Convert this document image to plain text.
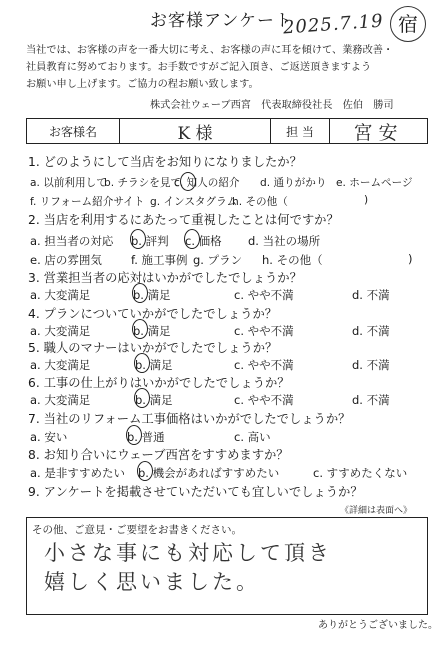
お客様アンケート
2025.7.19 宿
当社では、お客様の声を一番大切に考え、お客様の声に耳を傾けて、業務改善・
社員教育に努めております。お手数ですがご記入頂き、ご返送頂きますよう
お願い申し上げます。ご協力の程お願い致します。
株式会社ウェーブ西宮　代表取締役社長　佐伯　勝司
お客様名	K 様	担 当 宮安
1. どのようにして当店をお知りになりましたか？
a. 以前利用して
b. チラシを見て
c. 知人の紹介 d. 通りがかり e. ホームページ
f. リフォーム紹介サイト g. インスタグラム
h. その他（	)
2. 当店を利用するにあたって重視したことは何ですか？
a. 担当者の対応 b. 評判 c. 価格 d. 当社の場所
e. 店の雰囲気	f. 施工事例 g. プラン h. その他（	)
3. 営業担当者の応対はいかがでしたでしょうか？
a. 大変満足	b. 満足	c. やや不満	d. 不満
4. プランについていかがでしたでしょうか？
a. 大変満足	b. 満足	c. やや不満	d. 不満
5. 職人のマナーはいかがでしたでしょうか？
a. 大変満足	b. 満足	c. やや不満	d. 不満
6. 工事の仕上がりはいかがでしたでしょうか？
a. 大変満足	b. 満足	c. やや不満	d. 不満
7. 当社のリフォーム工事価格はいかがでしたでしょうか？
a. 安い	b. 普通	c. 高い
8. お知り合いにウェーブ西宮をすすめますか？
a. 是非すすめたい b. 機会があればすすめたい	c. すすめたくない
9. アンケートを掲載させていただいても宜しいでしょうか？
《詳細は表面へ》
その他、ご意見・ご要望をお書きください。
小さな事にも対応して頂き
嬉しく思いました。
ありがとうございました。
